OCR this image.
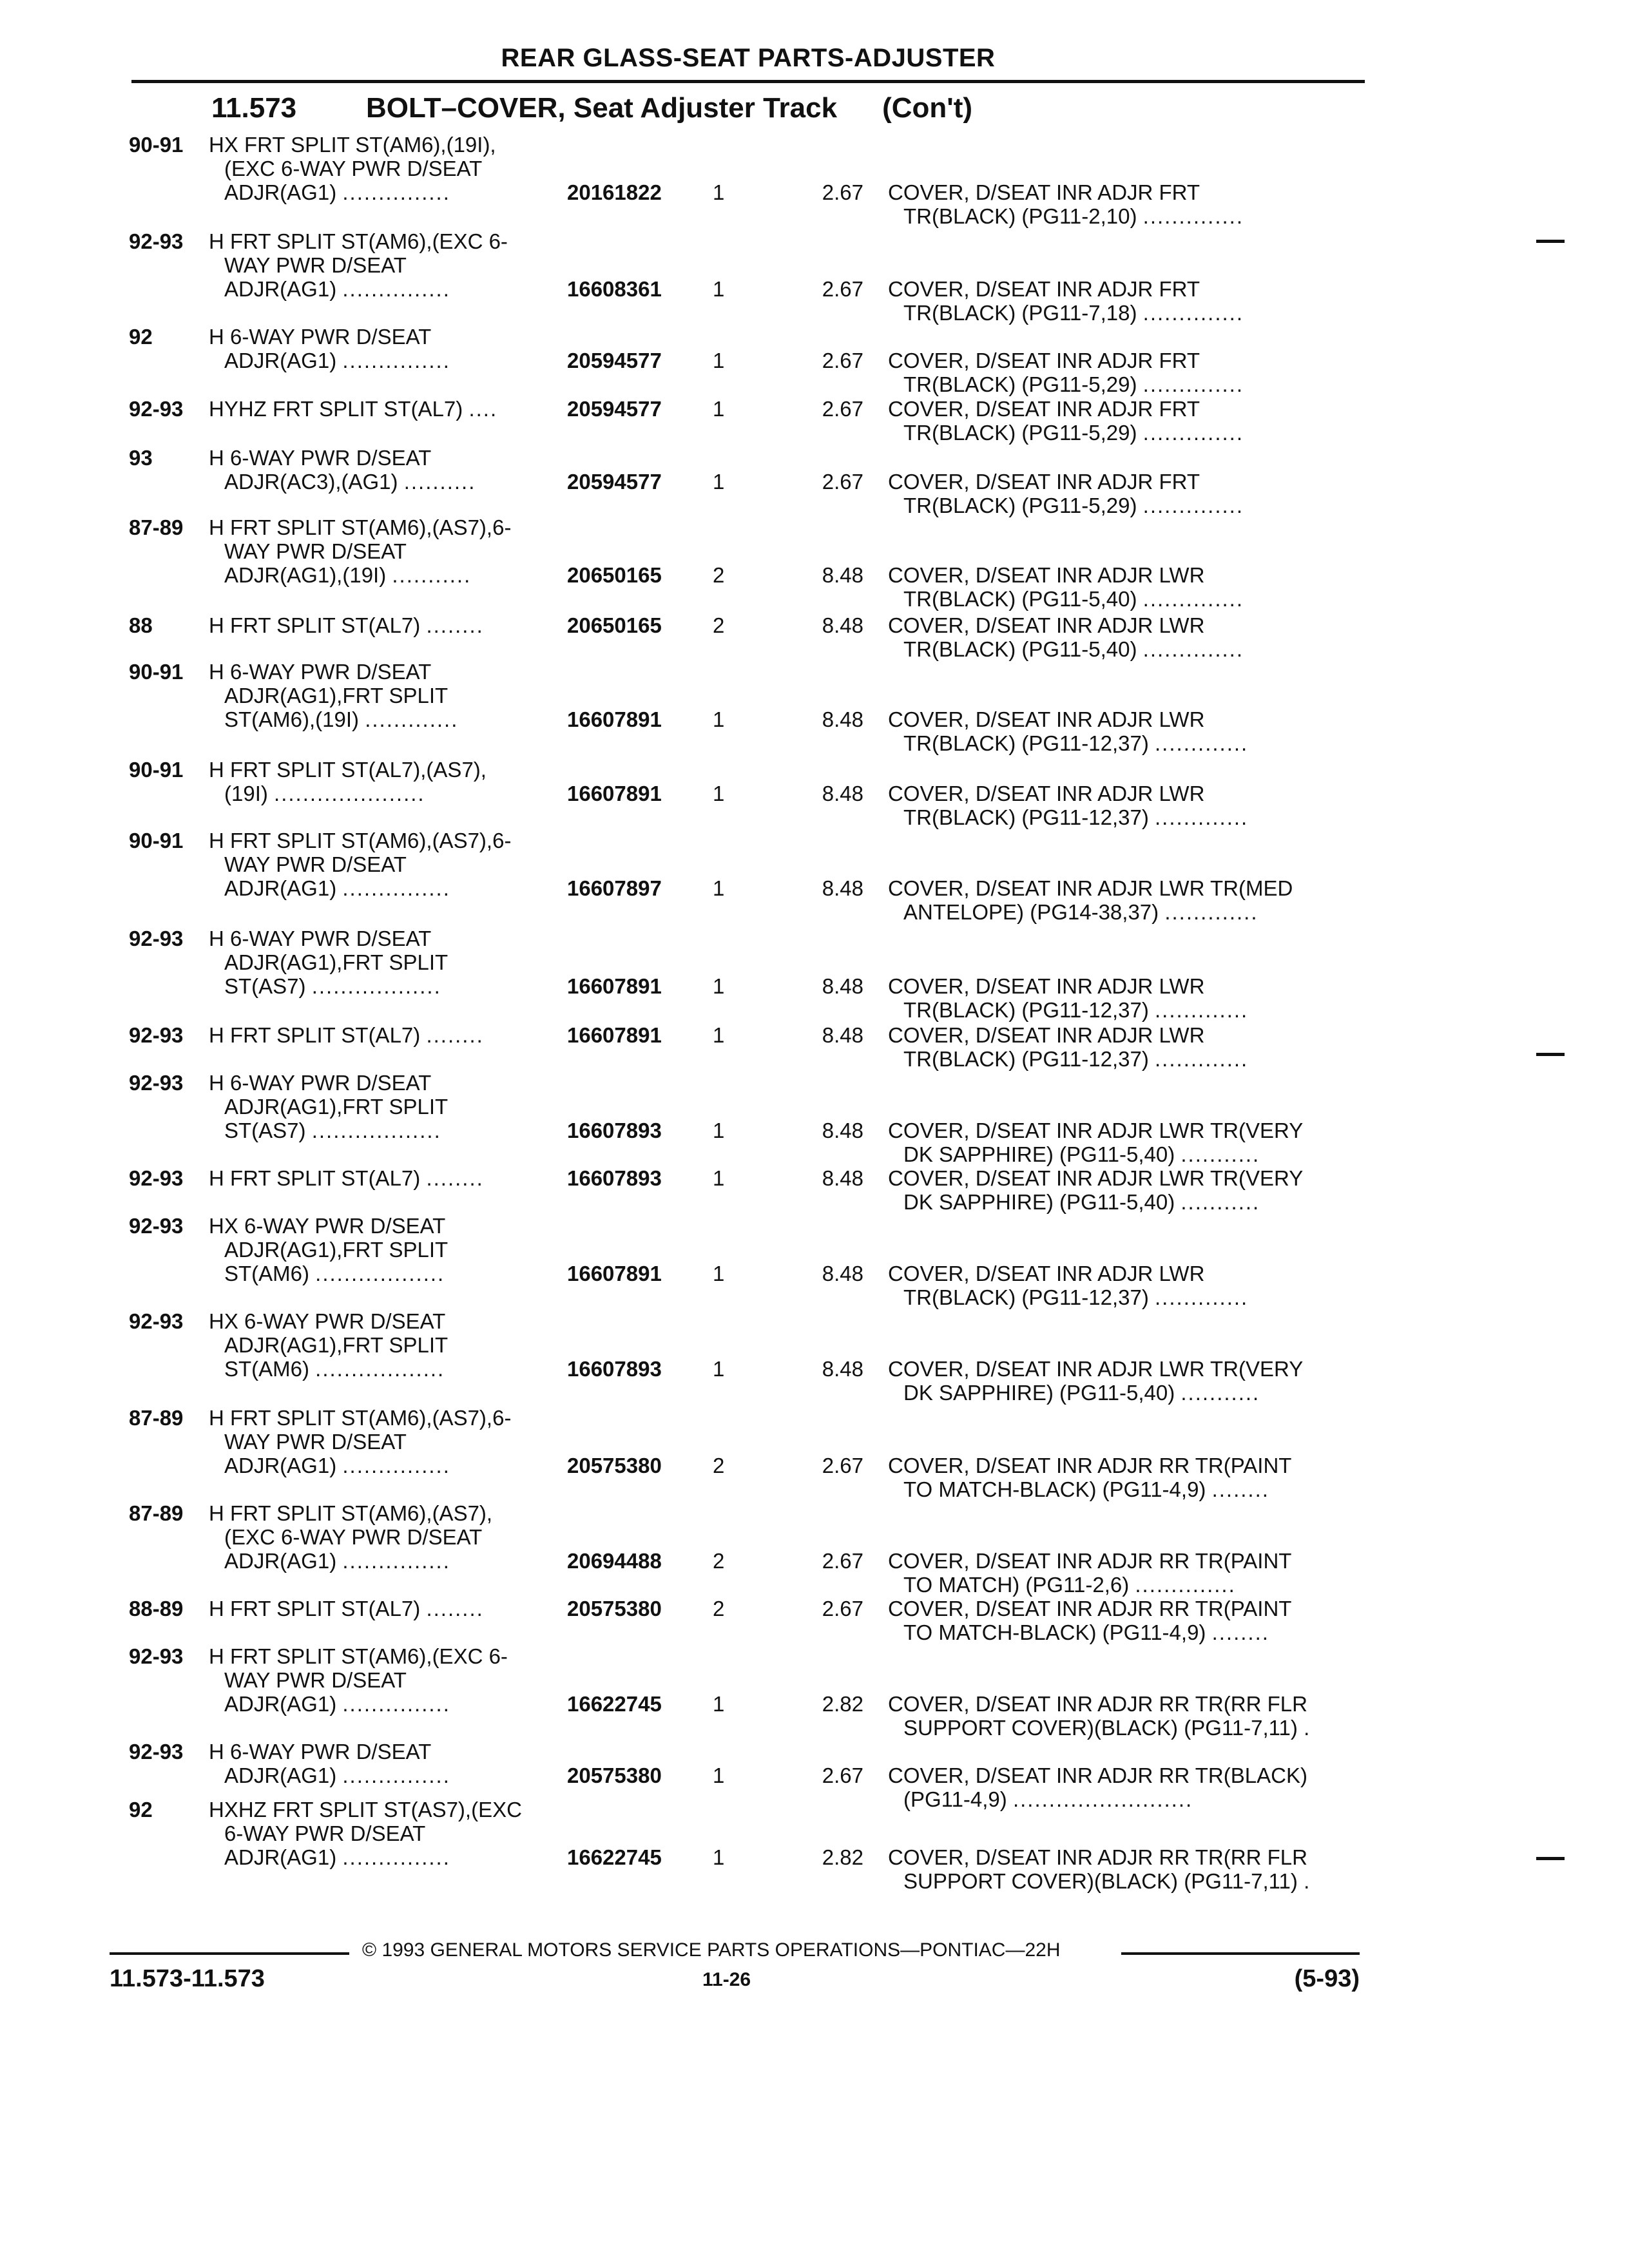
REAR GLASS-SEAT PARTS-ADJUSTER
11.573 BOLT–COVER, Seat Adjuster Track (Con't)
90-91 HX FRT SPLIT ST(AM6),(19I),
(EXC 6-WAY PWR D/SEAT
ADJR(AG1) ...............	20161822 1	2.67 COVER, D/SEAT INR ADJR FRT
TR(BLACK) (PG11-2,10) ..............
92-93 H FRT SPLIT ST(AM6),(EXC 6-
WAY PWR D/SEAT
ADJR(AG1) ...............	16608361 1	2.67 COVER, D/SEAT INR ADJR FRT
TR(BLACK) (PG11-7,18) ..............
92	H 6-WAY PWR D/SEAT
ADJR(AG1) ...............	20594577 1	2.67 COVER, D/SEAT INR ADJR FRT
TR(BLACK) (PG11-5,29) ..............
92-93 HYHZ FRT SPLIT ST(AL7) ....	20594577 1	2.67 COVER, D/SEAT INR ADJR FRT
TR(BLACK) (PG11-5,29) ..............
93	H 6-WAY PWR D/SEAT
ADJR(AC3),(AG1) ..........	20594577 1	2.67 COVER, D/SEAT INR ADJR FRT
TR(BLACK) (PG11-5,29) ..............
87-89 H FRT SPLIT ST(AM6),(AS7),6-
WAY PWR D/SEAT
ADJR(AG1),(19I) ...........	20650165 2	8.48 COVER, D/SEAT INR ADJR LWR
TR(BLACK) (PG11-5,40) ..............
88	H FRT SPLIT ST(AL7) ........	20650165 2	8.48 COVER, D/SEAT INR ADJR LWR
TR(BLACK) (PG11-5,40) ..............
90-91 H 6-WAY PWR D/SEAT
ADJR(AG1),FRT SPLIT
ST(AM6),(19I) .............	16607891 1	8.48 COVER, D/SEAT INR ADJR LWR
TR(BLACK) (PG11-12,37) .............
90-91 H FRT SPLIT ST(AL7),(AS7),
(19I) .....................	16607891 1	8.48 COVER, D/SEAT INR ADJR LWR
TR(BLACK) (PG11-12,37) .............
90-91 H FRT SPLIT ST(AM6),(AS7),6-
WAY PWR D/SEAT
ADJR(AG1) ...............	16607897 1	8.48 COVER, D/SEAT INR ADJR LWR TR(MED
ANTELOPE) (PG14-38,37) .............
92-93 H 6-WAY PWR D/SEAT
ADJR(AG1),FRT SPLIT
ST(AS7) ..................	16607891 1	8.48 COVER, D/SEAT INR ADJR LWR
TR(BLACK) (PG11-12,37) .............
92-93 H FRT SPLIT ST(AL7) ........	16607891 1	8.48 COVER, D/SEAT INR ADJR LWR
TR(BLACK) (PG11-12,37) .............
92-93 H 6-WAY PWR D/SEAT
ADJR(AG1),FRT SPLIT
ST(AS7) ..................	16607893 1	8.48 COVER, D/SEAT INR ADJR LWR TR(VERY
DK SAPPHIRE) (PG11-5,40) ...........
92-93 H FRT SPLIT ST(AL7) ........	16607893 1	8.48 COVER, D/SEAT INR ADJR LWR TR(VERY
DK SAPPHIRE) (PG11-5,40) ...........
92-93 HX 6-WAY PWR D/SEAT
ADJR(AG1),FRT SPLIT
ST(AM6) ..................	16607891 1	8.48 COVER, D/SEAT INR ADJR LWR
TR(BLACK) (PG11-12,37) .............
92-93 HX 6-WAY PWR D/SEAT
ADJR(AG1),FRT SPLIT
ST(AM6) ..................	16607893 1	8.48 COVER, D/SEAT INR ADJR LWR TR(VERY
DK SAPPHIRE) (PG11-5,40) ...........
87-89 H FRT SPLIT ST(AM6),(AS7),6-
WAY PWR D/SEAT
ADJR(AG1) ...............	20575380 2	2.67 COVER, D/SEAT INR ADJR RR TR(PAINT
TO MATCH-BLACK) (PG11-4,9) ........
87-89 H FRT SPLIT ST(AM6),(AS7),
(EXC 6-WAY PWR D/SEAT
ADJR(AG1) ...............	20694488 2	2.67 COVER, D/SEAT INR ADJR RR TR(PAINT
TO MATCH) (PG11-2,6) ..............
88-89 H FRT SPLIT ST(AL7) ........	20575380 2	2.67 COVER, D/SEAT INR ADJR RR TR(PAINT
TO MATCH-BLACK) (PG11-4,9) ........
92-93 H FRT SPLIT ST(AM6),(EXC 6-
WAY PWR D/SEAT
ADJR(AG1) ...............	16622745 1	2.82 COVER, D/SEAT INR ADJR RR TR(RR FLR
SUPPORT COVER)(BLACK) (PG11-7,11) .
92-93 H 6-WAY PWR D/SEAT
ADJR(AG1) ...............	20575380 1	2.67 COVER, D/SEAT INR ADJR RR TR(BLACK)
(PG11-4,9) .........................
92	HXHZ FRT SPLIT ST(AS7),(EXC
6-WAY PWR D/SEAT
ADJR(AG1) ...............	16622745 1	2.82 COVER, D/SEAT INR ADJR RR TR(RR FLR
SUPPORT COVER)(BLACK) (PG11-7,11) .
© 1993 GENERAL MOTORS SERVICE PARTS OPERATIONS—PONTIAC—22H
11.573-11.573	11-26	(5-93)
